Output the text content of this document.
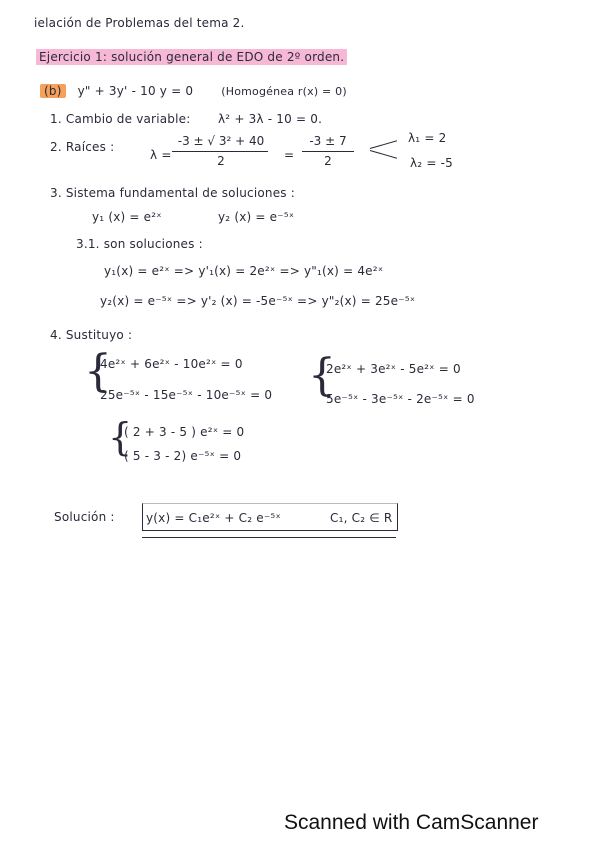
ielación de Problemas del tema 2.
Ejercicio 1: solución general de EDO de 2º orden.
(b) y" + 3y' - 10 y = 0	(Homogénea r(x) = 0)
1. Cambio de variable: λ² + 3λ - 10 = 0.
2. Raíces :
λ =
-3 ± √ 3² + 40
2	=
-3 ± 7
2
λ₁ = 2
λ₂ = -5
3. Sistema fundamental de soluciones :
y₁ (x) = e²ˣ	y₂ (x) = e⁻⁵ˣ
3.1. son soluciones :
y₁(x) = e²ˣ => y'₁(x) = 2e²ˣ => y"₁(x) = 4e²ˣ
y₂(x) = e⁻⁵ˣ => y'₂ (x) = -5e⁻⁵ˣ => y"₂(x) = 25e⁻⁵ˣ
4. Sustituyo :
{
4e²ˣ + 6e²ˣ - 10e²ˣ = 0
25e⁻⁵ˣ - 15e⁻⁵ˣ - 10e⁻⁵ˣ = 0 {
2e²ˣ + 3e²ˣ - 5e²ˣ = 0
5e⁻⁵ˣ - 3e⁻⁵ˣ - 2e⁻⁵ˣ = 0
{
( 2 + 3 - 5 ) e²ˣ = 0
( 5 - 3 - 2) e⁻⁵ˣ = 0
Solución :	y(x) = C₁e²ˣ + C₂ e⁻⁵ˣ	C₁, C₂ ∈ R
Scanned with CamScanner
